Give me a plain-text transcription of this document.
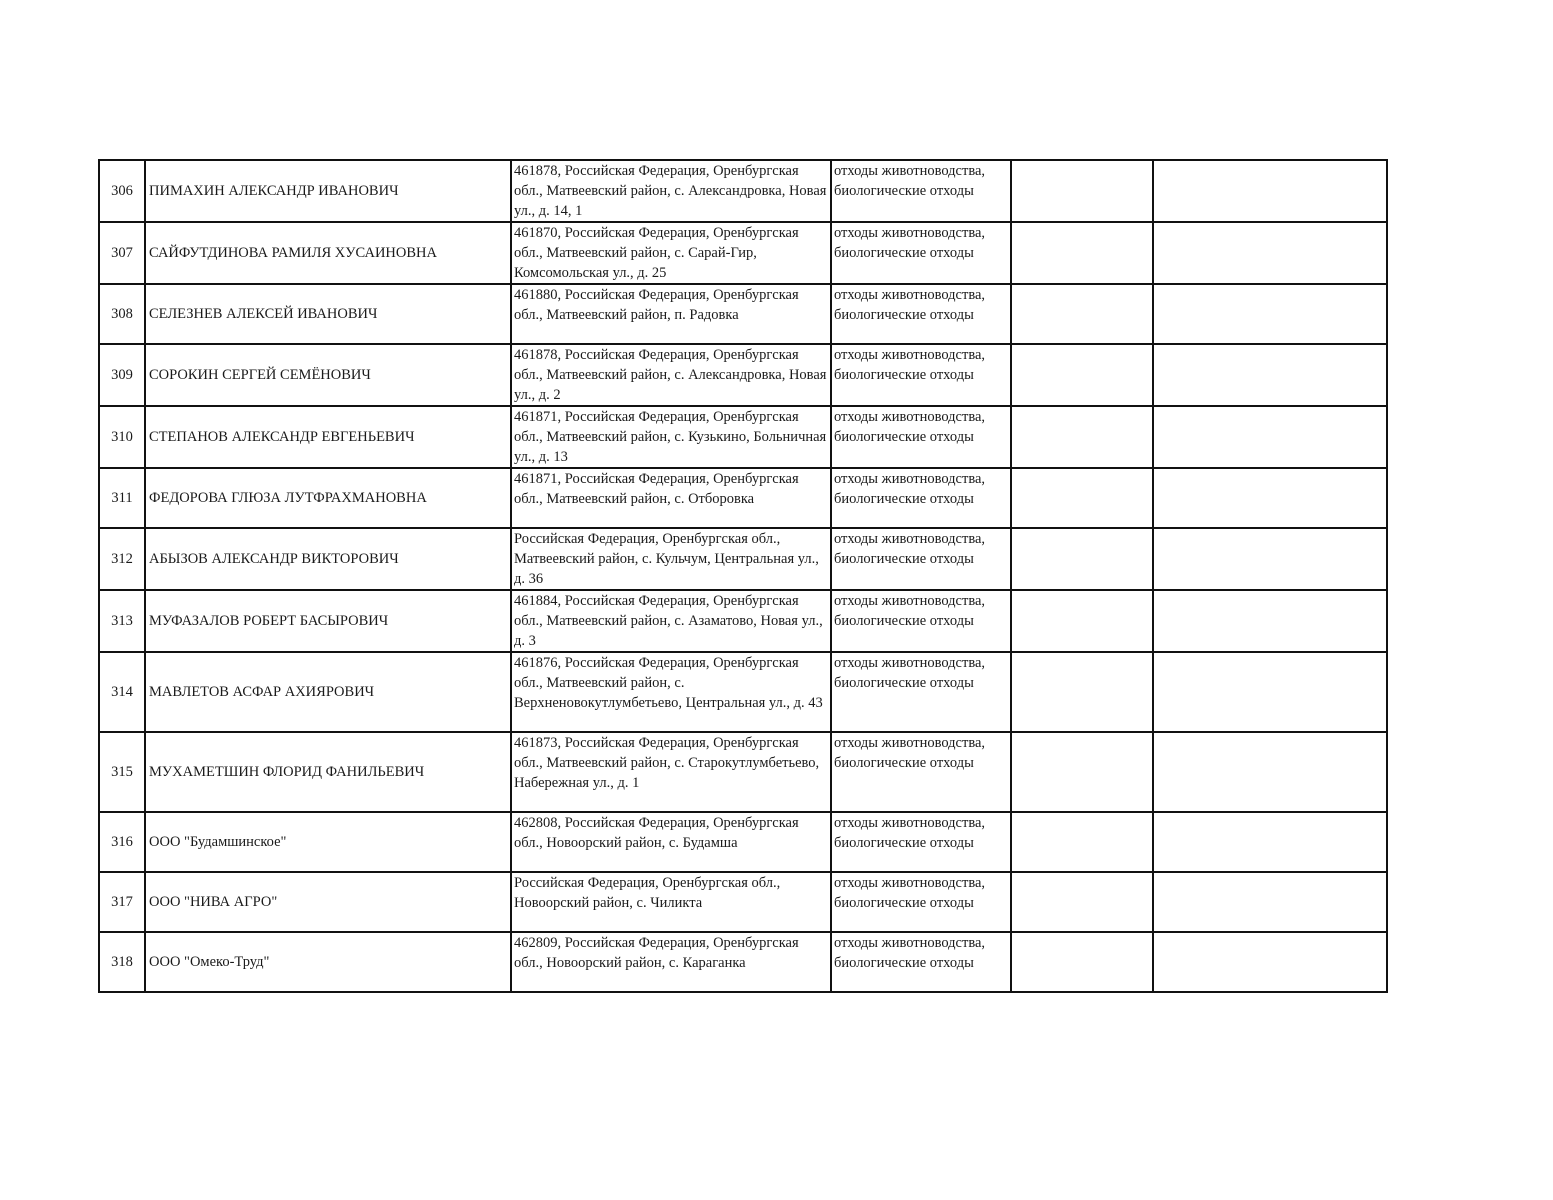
306	ПИМАХИН АЛЕКСАНДР ИВАНОВИЧ	461878, Российская Федерация, Оренбургская обл., Матвеевский район, с. Александровка, Новая ул., д. 14, 1	отходы животноводства, биологические отходы		
307	САЙФУТДИНОВА РАМИЛЯ ХУСАИНОВНА	461870, Российская Федерация, Оренбургская обл., Матвеевский район, с. Сарай-Гир, Комсомольская ул., д. 25	отходы животноводства, биологические отходы		
308	СЕЛЕЗНЕВ АЛЕКСЕЙ ИВАНОВИЧ	461880, Российская Федерация, Оренбургская обл., Матвеевский район, п. Радовка	отходы животноводства, биологические отходы		
309	СОРОКИН СЕРГЕЙ СЕМЁНОВИЧ	461878, Российская Федерация, Оренбургская обл., Матвеевский район, с. Александровка, Новая ул., д. 2	отходы животноводства, биологические отходы		
310	СТЕПАНОВ АЛЕКСАНДР ЕВГЕНЬЕВИЧ	461871, Российская Федерация, Оренбургская обл., Матвеевский район, с. Кузькино, Больничная ул., д. 13	отходы животноводства, биологические отходы		
311	ФЕДОРОВА ГЛЮЗА ЛУТФРАХМАНОВНА	461871, Российская Федерация, Оренбургская обл., Матвеевский район, с. Отборовка	отходы животноводства, биологические отходы		
312	АБЫЗОВ АЛЕКСАНДР ВИКТОРОВИЧ	Российская Федерация, Оренбургская обл., Матвеевский район, с. Кульчум, Центральная ул., д. 36	отходы животноводства, биологические отходы		
313	МУФАЗАЛОВ РОБЕРТ БАСЫРОВИЧ	461884, Российская Федерация, Оренбургская обл., Матвеевский район, с. Азаматово, Новая ул., д. 3	отходы животноводства, биологические отходы		
314	МАВЛЕТОВ АСФАР АХИЯРОВИЧ	461876, Российская Федерация, Оренбургская обл., Матвеевский район, с. Верхненовокутлумбетьево, Центральная ул., д. 43	отходы животноводства, биологические отходы		
315	МУХАМЕТШИН ФЛОРИД ФАНИЛЬЕВИЧ	461873, Российская Федерация, Оренбургская обл., Матвеевский район, с. Старокутлумбетьево, Набережная ул., д. 1	отходы животноводства, биологические отходы		
316	ООО "Будамшинское"	462808, Российская Федерация, Оренбургская обл., Новоорский район, с. Будамша	отходы животноводства, биологические отходы		
317	ООО "НИВА АГРО"	Российская Федерация, Оренбургская обл., Новоорский район, с. Чиликта	отходы животноводства, биологические отходы		
318	ООО "Омеко-Труд"	462809, Российская Федерация, Оренбургская обл., Новоорский район, с. Караганка	отходы животноводства, биологические отходы		
